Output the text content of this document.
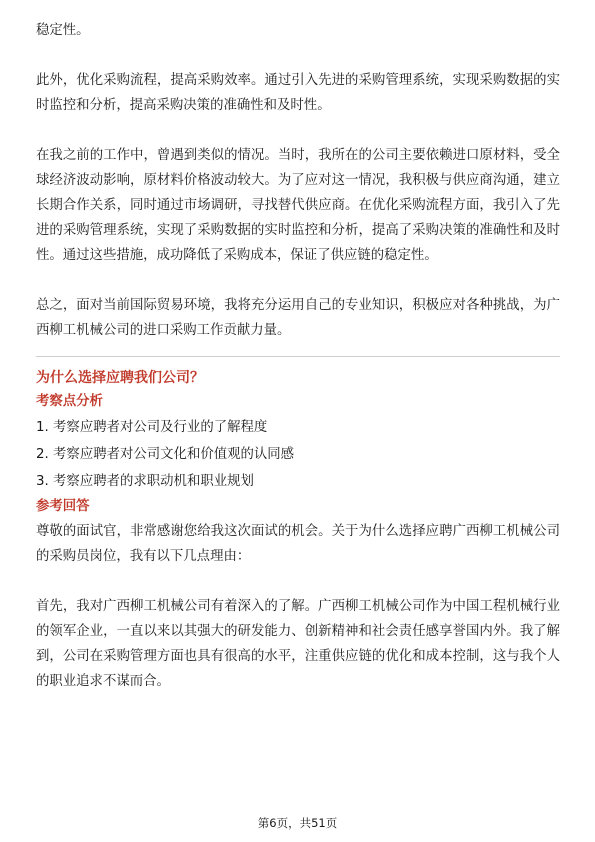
稳定性。

此外，优化采购流程，提高采购效率。通过引入先进的采购管理系统，实现采购数据的实时监控和分析，提高采购决策的准确性和及时性。

在我之前的工作中，曾遇到类似的情况。当时，我所在的公司主要依赖进口原材料，受全球经济波动影响，原材料价格波动较大。为了应对这一情况，我积极与供应商沟通，建立长期合作关系，同时通过市场调研，寻找替代供应商。在优化采购流程方面，我引入了先进的采购管理系统，实现了采购数据的实时监控和分析，提高了采购决策的准确性和及时性。通过这些措施，成功降低了采购成本，保证了供应链的稳定性。

总之，面对当前国际贸易环境，我将充分运用自己的专业知识，积极应对各种挑战，为广西柳工机械公司的进口采购工作贡献力量。

为什么选择应聘我们公司？
考察点分析
1. 考察应聘者对公司及行业的了解程度
2. 考察应聘者对公司文化和价值观的认同感
3. 考察应聘者的求职动机和职业规划
参考回答

尊敬的面试官，非常感谢您给我这次面试的机会。关于为什么选择应聘广西柳工机械公司的采购员岗位，我有以下几点理由：

首先，我对广西柳工机械公司有着深入的了解。广西柳工机械公司作为中国工程机械行业的领军企业，一直以来以其强大的研发能力、创新精神和社会责任感享誉国内外。我了解到，公司在采购管理方面也具有很高的水平，注重供应链的优化和成本控制，这与我个人的职业追求不谋而合。

第6页，共51页
